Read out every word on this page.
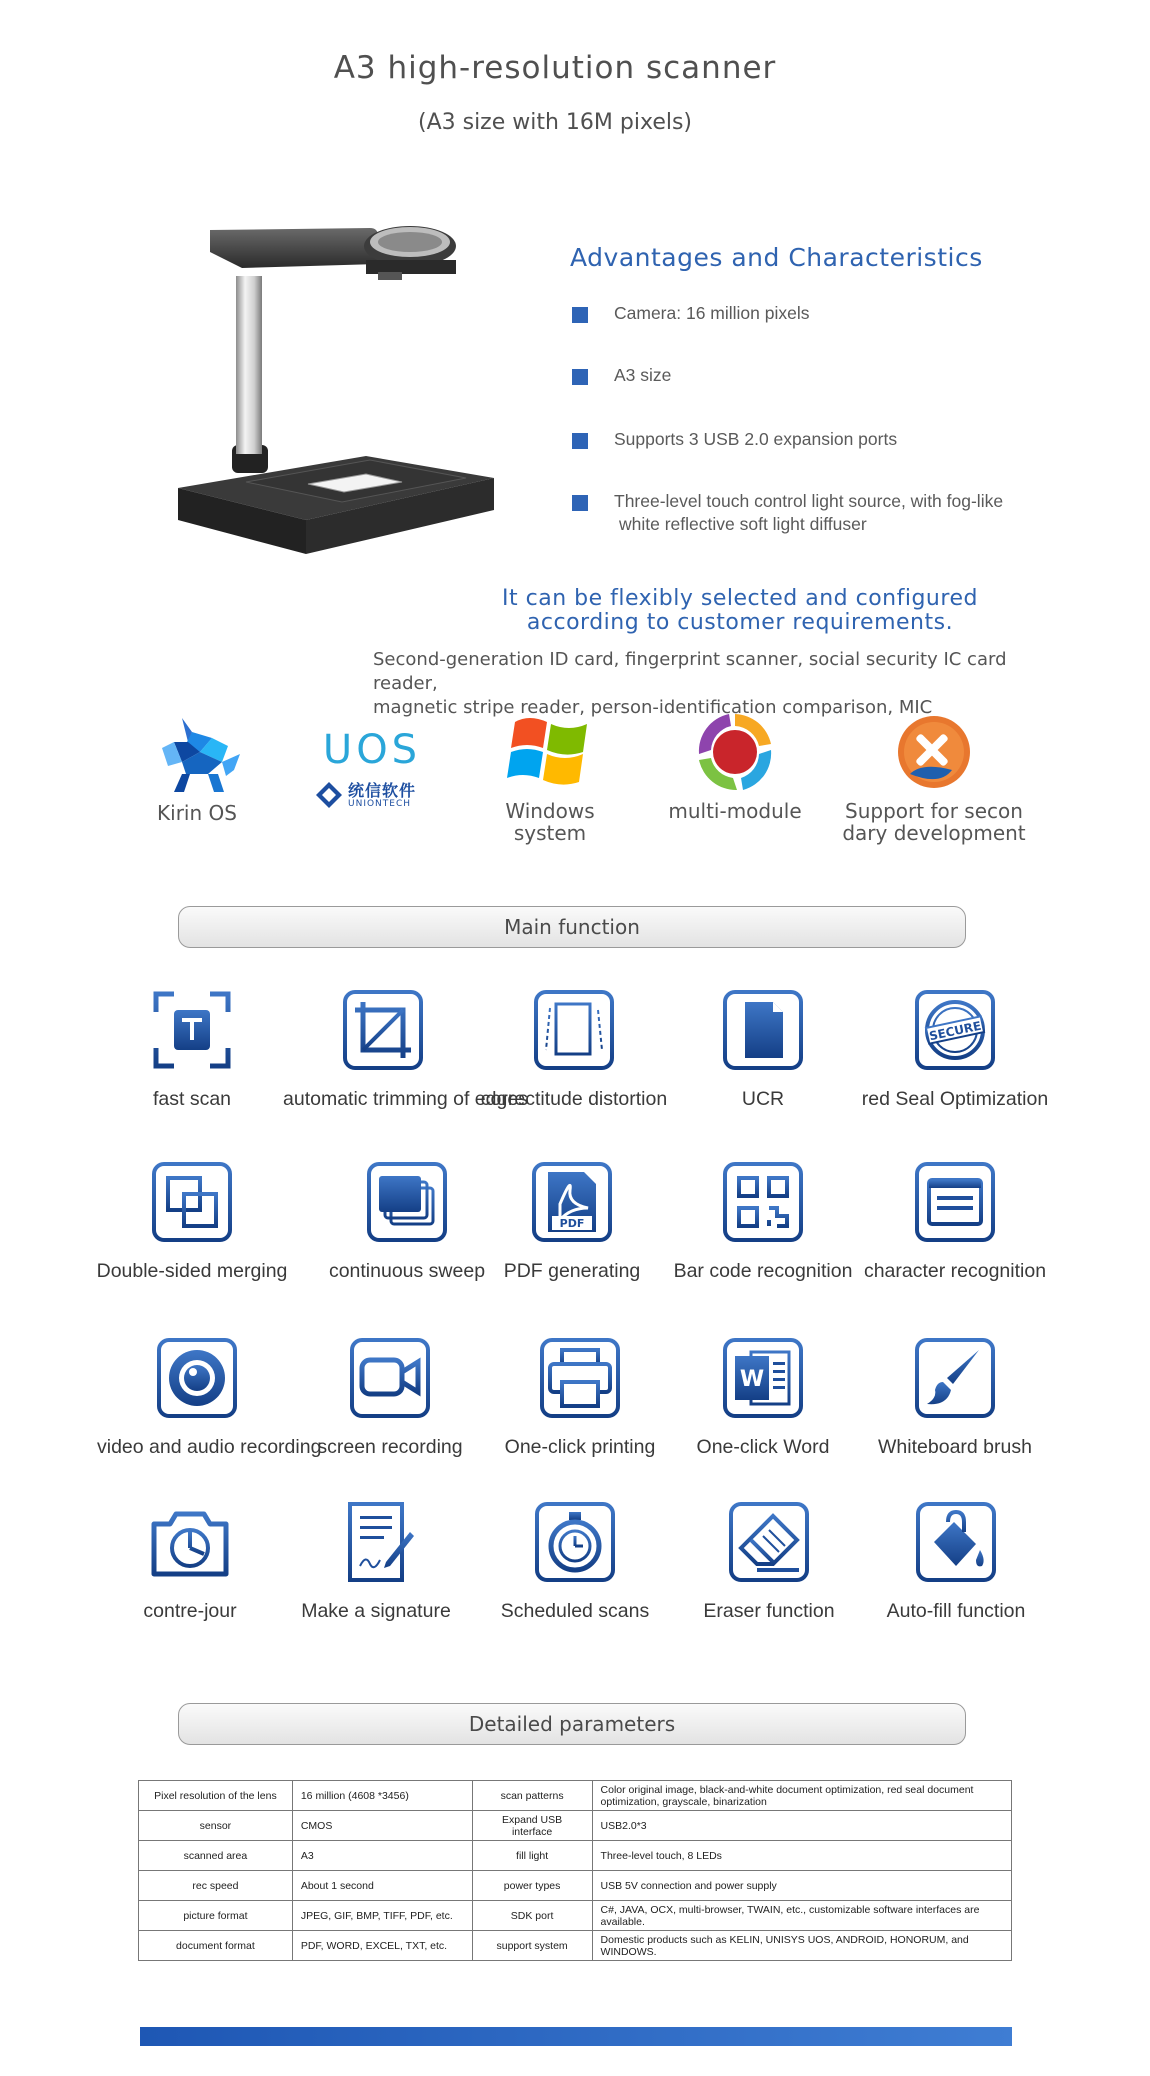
A3 high-resolution scanner
(A3 size with 16M pixels)
Advantages and Characteristics
Camera: 16 million pixels
A3 size
Supports 3 USB 2.0 expansion ports
Three-level touch control light source, with fog-like
white reflective soft light diffuser
It can be flexibly selected and configured
according to customer requirements.
Second-generation ID card, fingerprint scanner, social security IC card reader,
magnetic stripe reader, person-identification comparison, MIC
Kirin OS
UOS
统信软件
UNIONTECH	Windows system
multi-module	Support for secon
dary development
Main function
fast scan	automatic trimming of edges
correctitude distortion	UCR
SECURE
red Seal Optimization
Double-sided merging	continuous sweep
PDF
PDF generating	Bar code recognition character recognition
video and audio recording
screen recording	One-click printing
W
One-click Word	Whiteboard brush
contre-jour	Make a signature	Scheduled scans	Eraser function	Auto-fill function
Detailed parameters
Pixel resolution of the lens	16 million (4608 *3456)	scan patterns	Color original image, black-and-white document optimization, red seal document optimization, grayscale, binarization
sensor	CMOS	Expand USB interface	USB2.0*3
scanned area	A3	fill light	Three-level touch, 8 LEDs
rec speed	About 1 second	power types	USB 5V connection and power supply
picture format	JPEG, GIF, BMP, TIFF, PDF, etc.	SDK port	C#, JAVA, OCX, multi-browser, TWAIN, etc., customizable software interfaces are available.
document format	PDF, WORD, EXCEL, TXT, etc.	support system	Domestic products such as KELIN, UNISYS UOS, ANDROID, HONORUM, and WINDOWS.
